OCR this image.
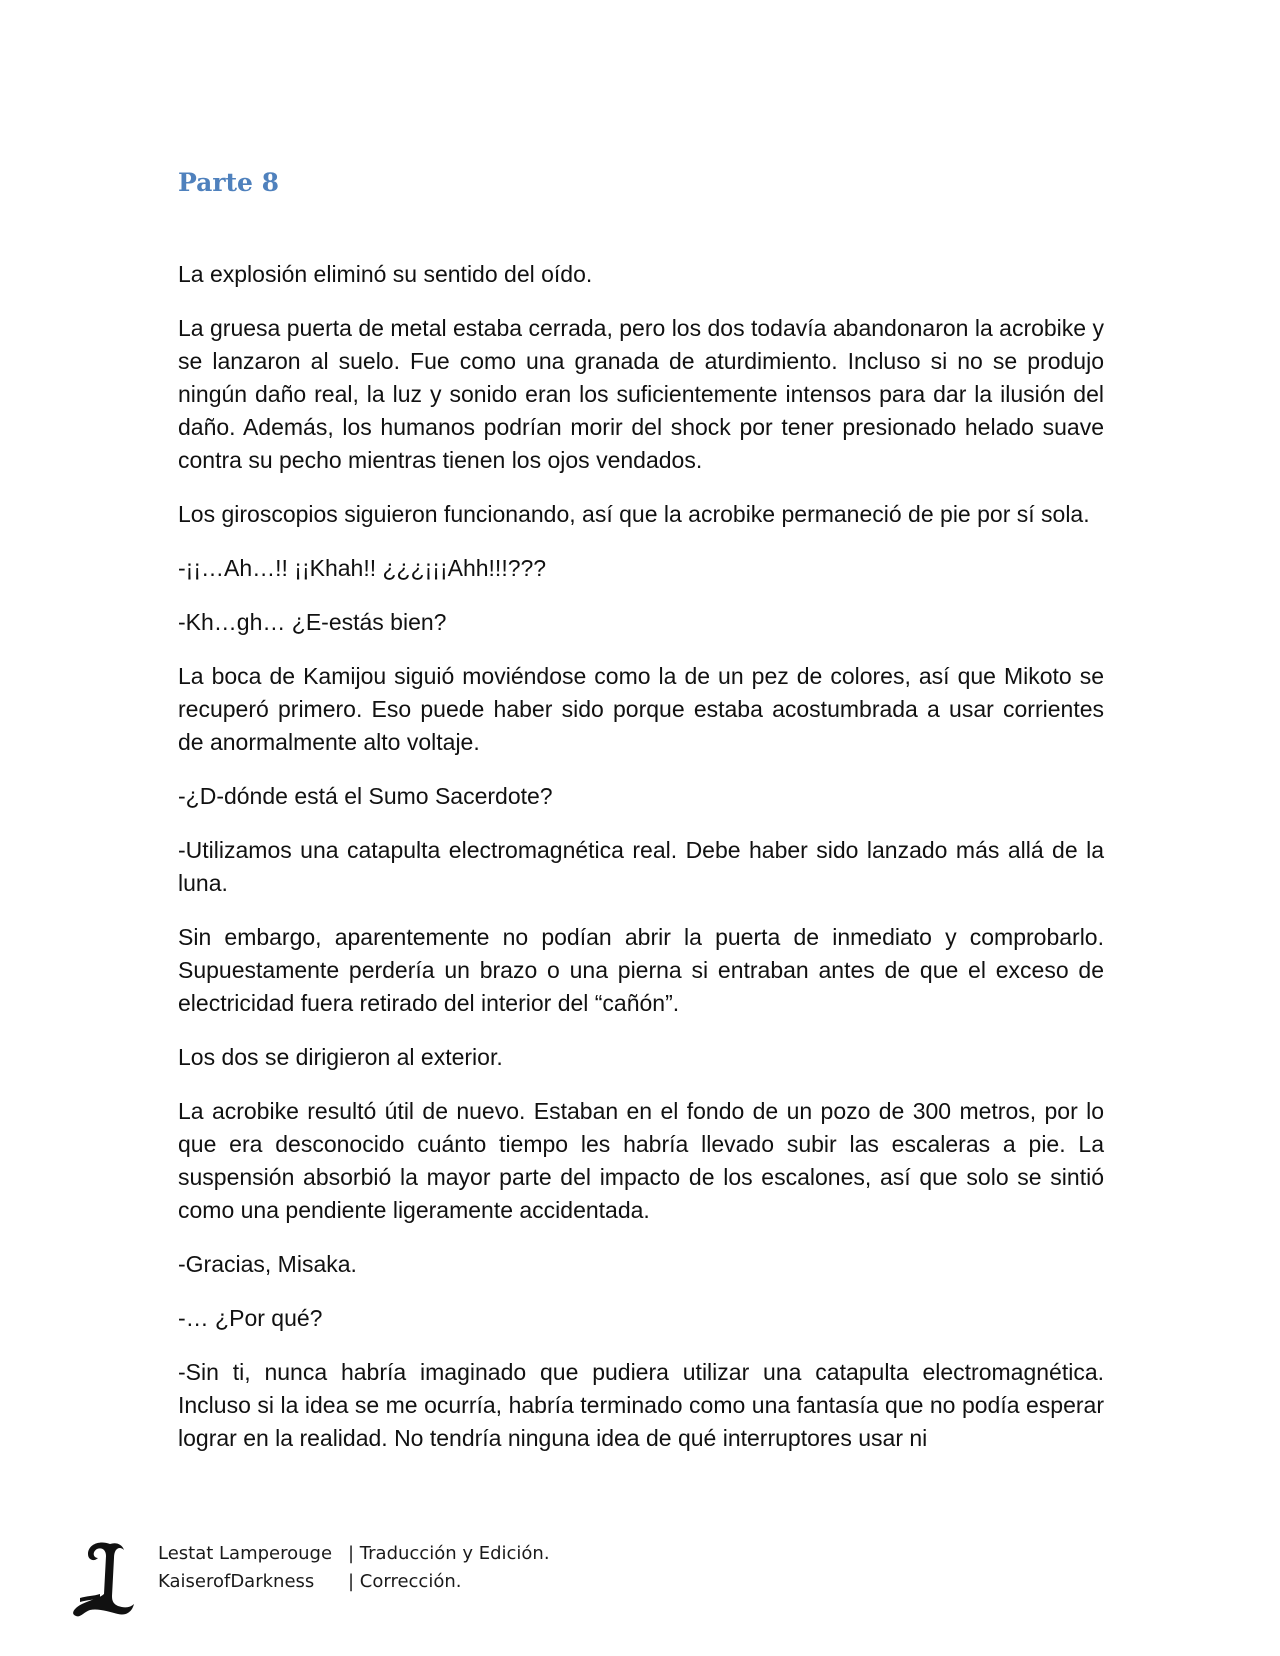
Parte 8

La explosión eliminó su sentido del oído.

La gruesa puerta de metal estaba cerrada, pero los dos todavía abandonaron la acrobike y se lanzaron al suelo. Fue como una granada de aturdimiento. Incluso si no se produjo ningún daño real, la luz y sonido eran los suficientemente intensos para dar la ilusión del daño. Además, los humanos podrían morir del shock por tener presionado helado suave contra su pecho mientras tienen los ojos vendados.

Los giroscopios siguieron funcionando, así que la acrobike permaneció de pie por sí sola.

-¡¡…Ah…!! ¡¡Khah!! ¿¿¿¡¡¡Ahh!!!???

-Kh…gh… ¿E-estás bien?

La boca de Kamijou siguió moviéndose como la de un pez de colores, así que Mikoto se recuperó primero. Eso puede haber sido porque estaba acostumbrada a usar corrientes de anormalmente alto voltaje.

-¿D-dónde está el Sumo Sacerdote?

-Utilizamos una catapulta electromagnética real. Debe haber sido lanzado más allá de la luna.

Sin embargo, aparentemente no podían abrir la puerta de inmediato y comprobarlo. Supuestamente perdería un brazo o una pierna si entraban antes de que el exceso de electricidad fuera retirado del interior del “cañón”.

Los dos se dirigieron al exterior.

La acrobike resultó útil de nuevo. Estaban en el fondo de un pozo de 300 metros, por lo que era desconocido cuánto tiempo les habría llevado subir las escaleras a pie. La suspensión absorbió la mayor parte del impacto de los escalones, así que solo se sintió como una pendiente ligeramente accidentada.

-Gracias, Misaka.

-… ¿Por qué?

-Sin ti, nunca habría imaginado que pudiera utilizar una catapulta electromagnética. Incluso si la idea se me ocurría, habría terminado como una fantasía que no podía esperar lograr en la realidad. No tendría ninguna idea de qué interruptores usar ni

Lestat Lamperouge | Traducción y Edición.
KaiserofDarkness | Corrección.
